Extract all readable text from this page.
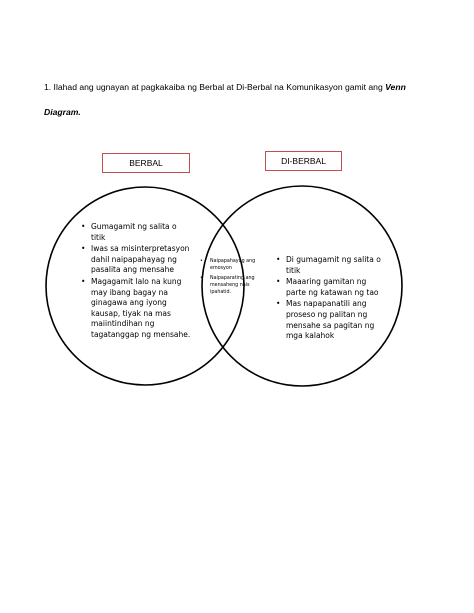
1. Ilahad ang ugnayan at pagkakaiba ng Berbal at Di-Berbal na Komunikasyon gamit ang Venn Diagram.
BERBAL	DI-BERBAL
• Gumagamit ng salita o titik
• Iwas sa misinterpretasyon dahil naipapahayag ng pasalita ang mensahe
• Magagamit lalo na kung may ibang bagay na ginagawa ang iyong kausap, tiyak na mas maiintindihan ng tagatanggap ng mensahe.
• Naipapahayag ang emosyon
• Naipaparating ang mensaheng nais ipahatid.
• Di gumagamit ng salita o titik
• Maaaring gamitan ng parte ng katawan ng tao
• Mas napapanatili ang proseso ng palitan ng mensahe sa pagitan ng mga kalahok
